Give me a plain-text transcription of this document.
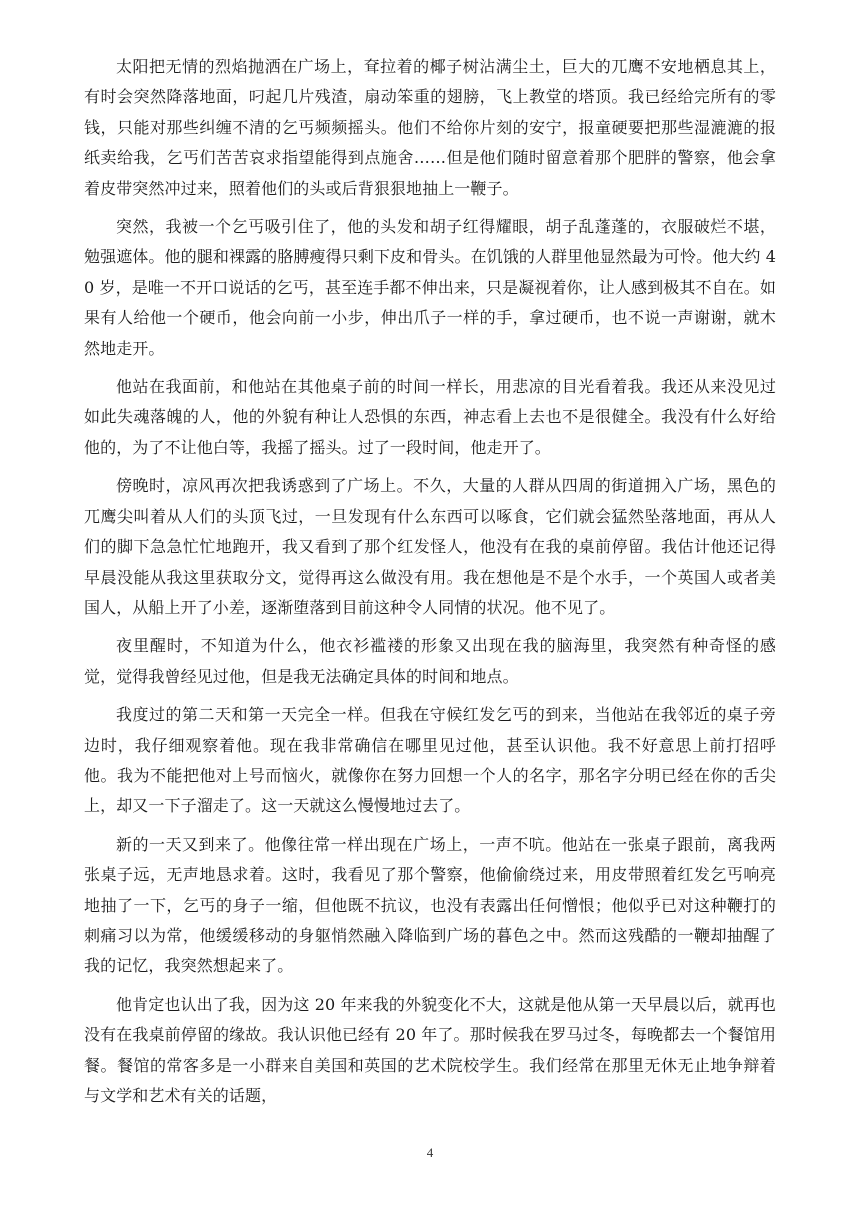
太阳把无情的烈焰抛洒在广场上，耷拉着的椰子树沾满尘土，巨大的兀鹰不安地栖息其上，有时会突然降落地面，叼起几片残渣，扇动笨重的翅膀，飞上教堂的塔顶。我已经给完所有的零钱，只能对那些纠缠不清的乞丐频频摇头。他们不给你片刻的安宁，报童硬要把那些湿漉漉的报纸卖给我，乞丐们苦苦哀求指望能得到点施舍……但是他们随时留意着那个肥胖的警察，他会拿着皮带突然冲过来，照着他们的头或后背狠狠地抽上一鞭子。

突然，我被一个乞丐吸引住了，他的头发和胡子红得耀眼，胡子乱蓬蓬的，衣服破烂不堪，勉强遮体。他的腿和裸露的胳膊瘦得只剩下皮和骨头。在饥饿的人群里他显然最为可怜。他大约 40 岁，是唯一不开口说话的乞丐，甚至连手都不伸出来，只是凝视着你，让人感到极其不自在。如果有人给他一个硬币，他会向前一小步，伸出爪子一样的手，拿过硬币，也不说一声谢谢，就木然地走开。

他站在我面前，和他站在其他桌子前的时间一样长，用悲凉的目光看着我。我还从来没见过如此失魂落魄的人，他的外貌有种让人恐惧的东西，神志看上去也不是很健全。我没有什么好给他的，为了不让他白等，我摇了摇头。过了一段时间，他走开了。

傍晚时，凉风再次把我诱惑到了广场上。不久，大量的人群从四周的街道拥入广场，黑色的兀鹰尖叫着从人们的头顶飞过，一旦发现有什么东西可以啄食，它们就会猛然坠落地面，再从人们的脚下急急忙忙地跑开，我又看到了那个红发怪人，他没有在我的桌前停留。我估计他还记得早晨没能从我这里获取分文，觉得再这么做没有用。我在想他是不是个水手，一个英国人或者美国人，从船上开了小差，逐渐堕落到目前这种令人同情的状况。他不见了。

夜里醒时，不知道为什么，他衣衫褴褛的形象又出现在我的脑海里，我突然有种奇怪的感觉，觉得我曾经见过他，但是我无法确定具体的时间和地点。

我度过的第二天和第一天完全一样。但我在守候红发乞丐的到来，当他站在我邻近的桌子旁边时，我仔细观察着他。现在我非常确信在哪里见过他，甚至认识他。我不好意思上前打招呼他。我为不能把他对上号而恼火，就像你在努力回想一个人的名字，那名字分明已经在你的舌尖上，却又一下子溜走了。这一天就这么慢慢地过去了。

新的一天又到来了。他像往常一样出现在广场上，一声不吭。他站在一张桌子跟前，离我两张桌子远，无声地恳求着。这时，我看见了那个警察，他偷偷绕过来，用皮带照着红发乞丐响亮地抽了一下，乞丐的身子一缩，但他既不抗议，也没有表露出任何憎恨；他似乎已对这种鞭打的刺痛习以为常，他缓缓移动的身躯悄然融入降临到广场的暮色之中。然而这残酷的一鞭却抽醒了我的记忆，我突然想起来了。

他肯定也认出了我，因为这 20 年来我的外貌变化不大，这就是他从第一天早晨以后，就再也没有在我桌前停留的缘故。我认识他已经有 20 年了。那时候我在罗马过冬，每晚都去一个餐馆用餐。餐馆的常客多是一小群来自美国和英国的艺术院校学生。我们经常在那里无休无止地争辩着与文学和艺术有关的话题，

4
